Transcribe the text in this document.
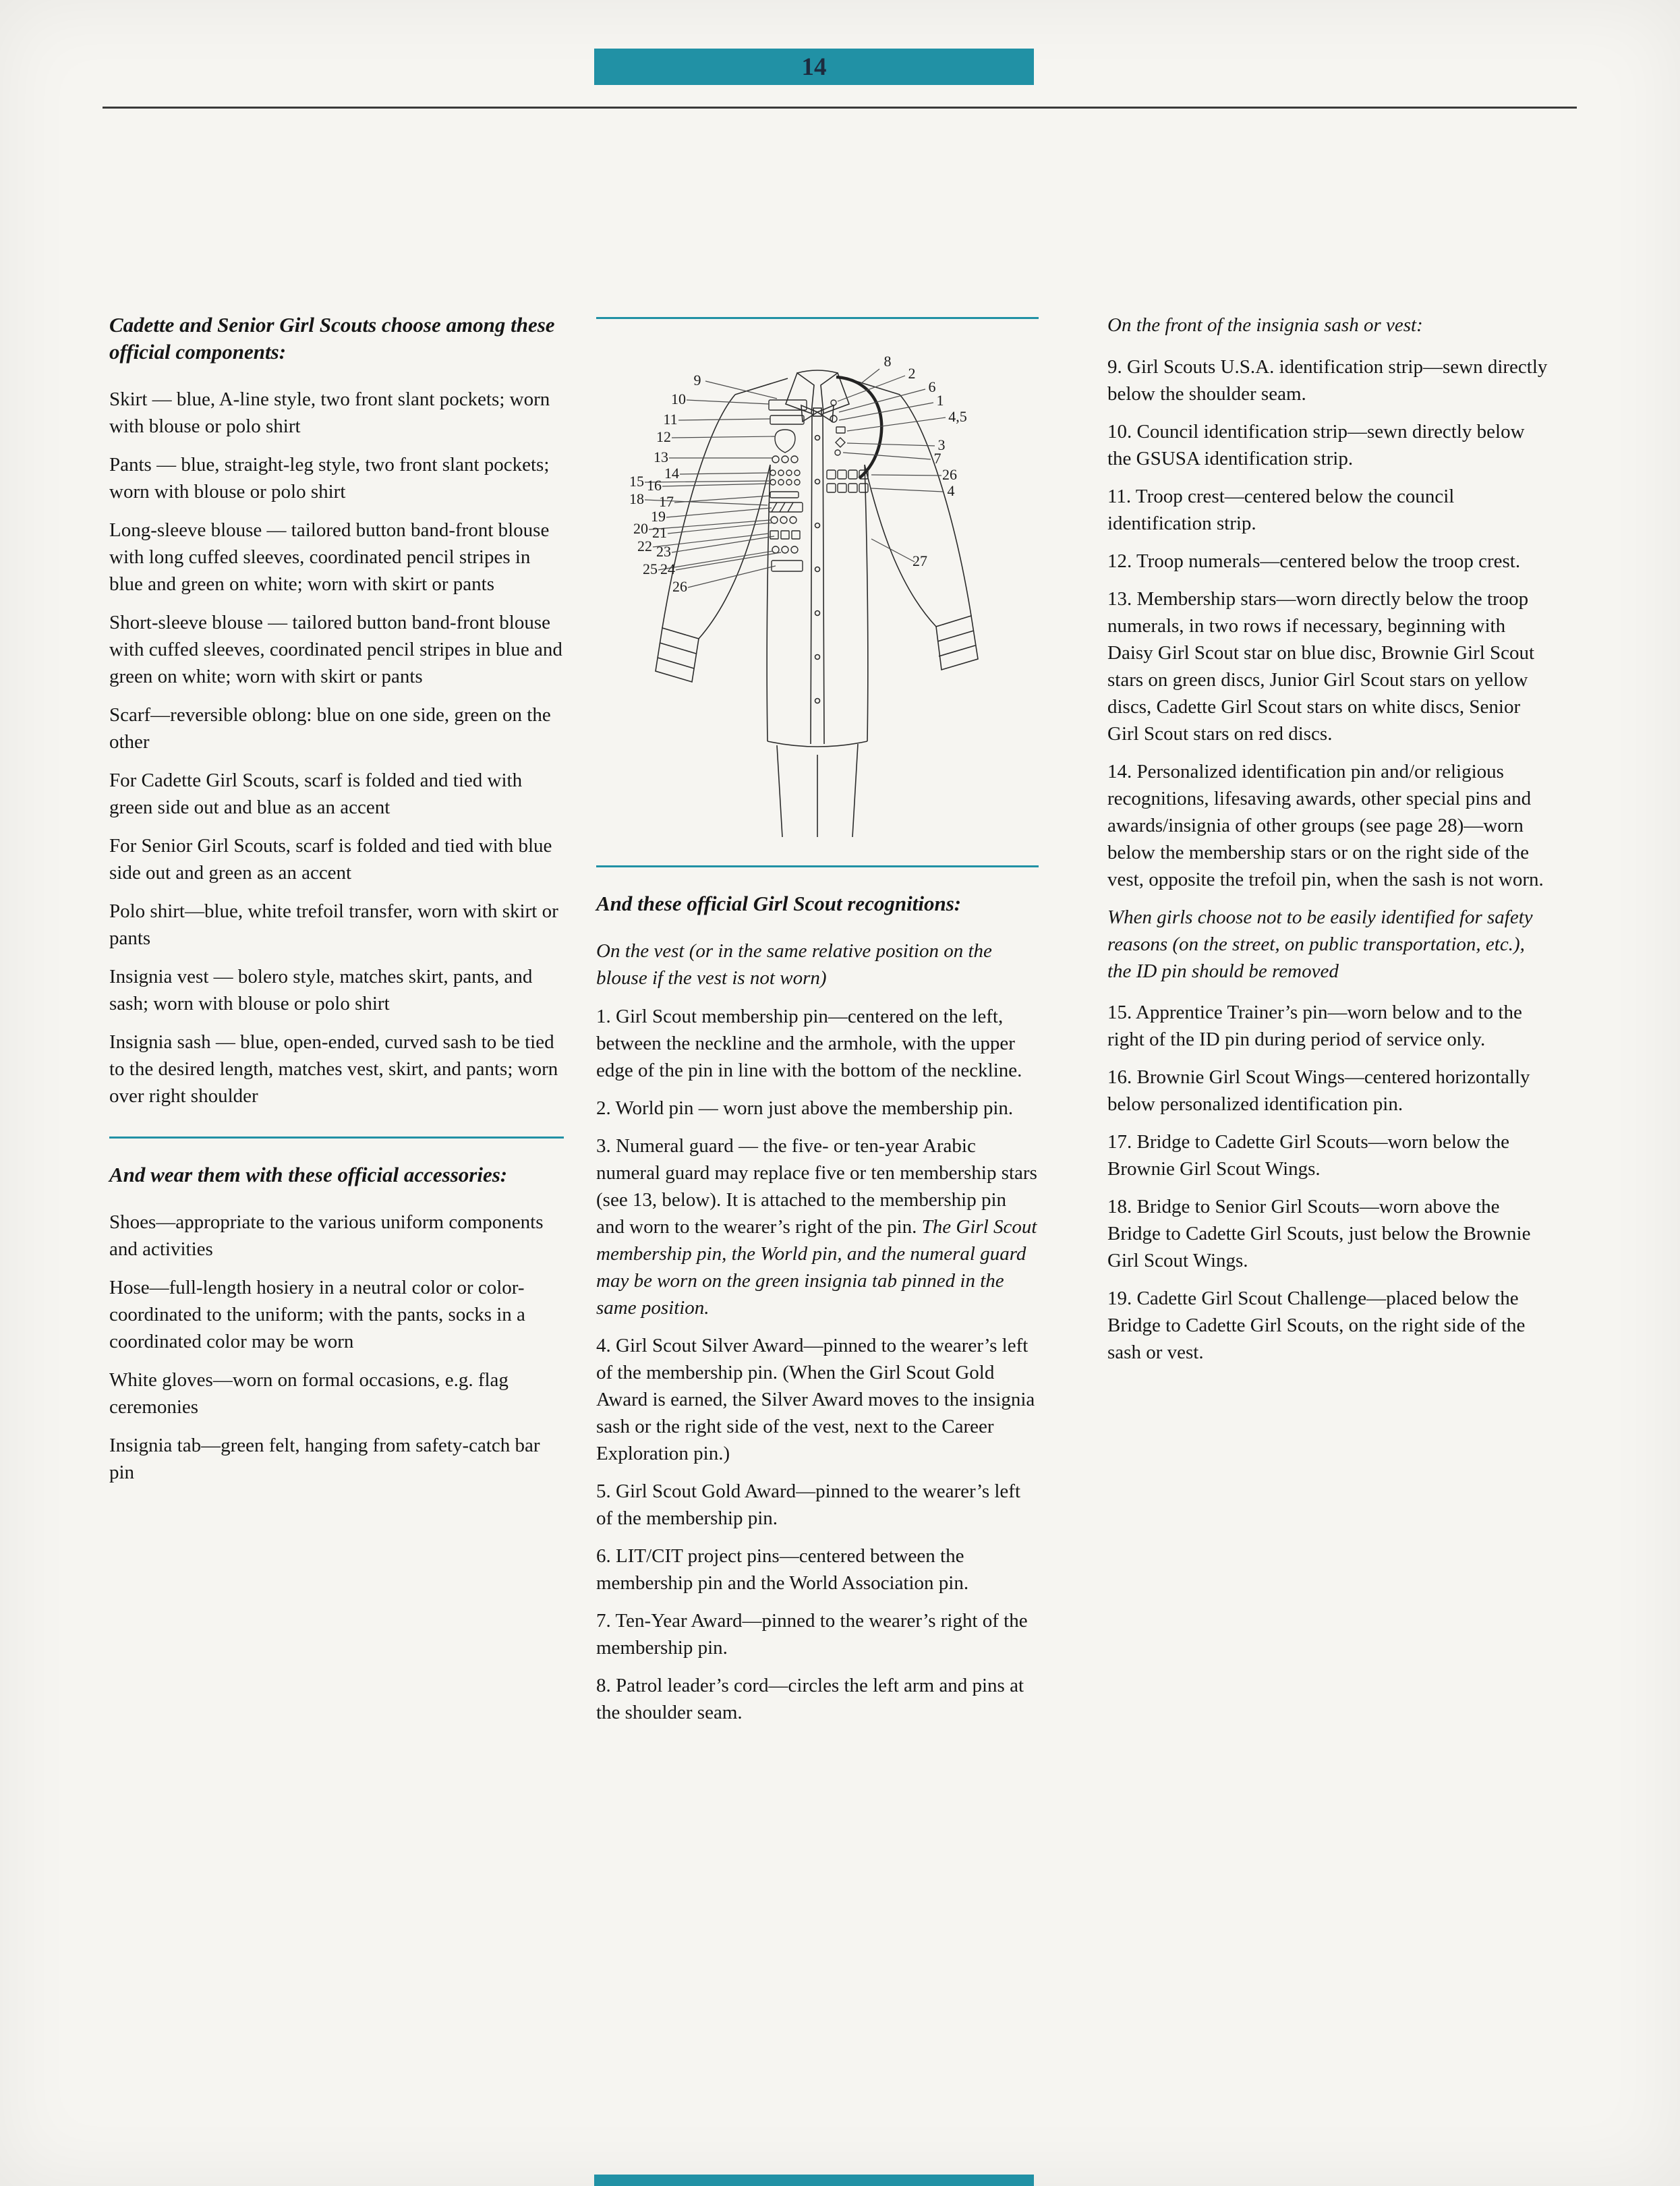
14
Cadette and Senior Girl Scouts choose among these official components:

Skirt — blue, A-line style, two front slant pockets; worn with blouse or polo shirt

Pants — blue, straight-leg style, two front slant pockets; worn with blouse or polo shirt

Long-sleeve blouse — tailored button band-front blouse with long cuffed sleeves, coordinated pencil stripes in blue and green on white; worn with skirt or pants

Short-sleeve blouse — tailored button band-front blouse with cuffed sleeves, coordinated pencil stripes in blue and green on white; worn with skirt or pants

Scarf—reversible oblong: blue on one side, green on the other

For Cadette Girl Scouts, scarf is folded and tied with green side out and blue as an accent

For Senior Girl Scouts, scarf is folded and tied with blue side out and green as an accent

Polo shirt—blue, white trefoil transfer, worn with skirt or pants

Insignia vest — bolero style, matches skirt, pants, and sash; worn with blouse or polo shirt

Insignia sash — blue, open-ended, curved sash to be tied to the desired length, matches vest, skirt, and pants; worn over right shoulder

And wear them with these official accessories:

Shoes—appropriate to the various uniform components and activities

Hose—full-length hosiery in a neutral color or color-coordinated to the uniform; with the pants, socks in a coordinated color may be worn

White gloves—worn on formal occasions, e.g. flag ceremonies

Insignia tab—green felt, hanging from safety-catch bar pin

9
10
11
12
13
14
15 16
18 17
19
20 21
22 23
25 24
26
8
2
6
1
4,5
3
7
26
4
27
And these official Girl Scout recognitions:

On the vest (or in the same relative position on the blouse if the vest is not worn)

1. Girl Scout membership pin—centered on the left, between the neckline and the armhole, with the upper edge of the pin in line with the bottom of the neckline.

2. World pin — worn just above the membership pin.

3. Numeral guard — the five- or ten-year Arabic numeral guard may replace five or ten membership stars (see 13, below). It is attached to the membership pin and worn to the wearer’s right of the pin. The Girl Scout membership pin, the World pin, and the numeral guard may be worn on the green insignia tab pinned in the same position.

4. Girl Scout Silver Award—pinned to the wearer’s left of the membership pin. (When the Girl Scout Gold Award is earned, the Silver Award moves to the insignia sash or the right side of the vest, next to the Career Exploration pin.)

5. Girl Scout Gold Award—pinned to the wearer’s left of the membership pin.

6. LIT/CIT project pins—centered between the membership pin and the World Association pin.

7. Ten-Year Award—pinned to the wearer’s right of the membership pin.

8. Patrol leader’s cord—circles the left arm and pins at the shoulder seam.

On the front of the insignia sash or vest:

9. Girl Scouts U.S.A. identification strip—sewn directly below the shoulder seam.

10. Council identification strip—sewn directly below the GSUSA identification strip.

11. Troop crest—centered below the council identification strip.

12. Troop numerals—centered below the troop crest.

13. Membership stars—worn directly below the troop numerals, in two rows if necessary, beginning with Daisy Girl Scout star on blue disc, Brownie Girl Scout stars on green discs, Junior Girl Scout stars on yellow discs, Cadette Girl Scout stars on white discs, Senior Girl Scout stars on red discs.

14. Personalized identification pin and/or religious recognitions, lifesaving awards, other special pins and awards/insignia of other groups (see page 28)—worn below the membership stars or on the right side of the vest, opposite the trefoil pin, when the sash is not worn.

When girls choose not to be easily identified for safety reasons (on the street, on public transportation, etc.), the ID pin should be removed

15. Apprentice Trainer’s pin—worn below and to the right of the ID pin during period of service only.

16. Brownie Girl Scout Wings—centered horizontally below personalized identification pin.

17. Bridge to Cadette Girl Scouts—worn below the Brownie Girl Scout Wings.

18. Bridge to Senior Girl Scouts—worn above the Bridge to Cadette Girl Scouts, just below the Brownie Girl Scout Wings.

19. Cadette Girl Scout Challenge—placed below the Bridge to Cadette Girl Scouts, on the right side of the sash or vest.
